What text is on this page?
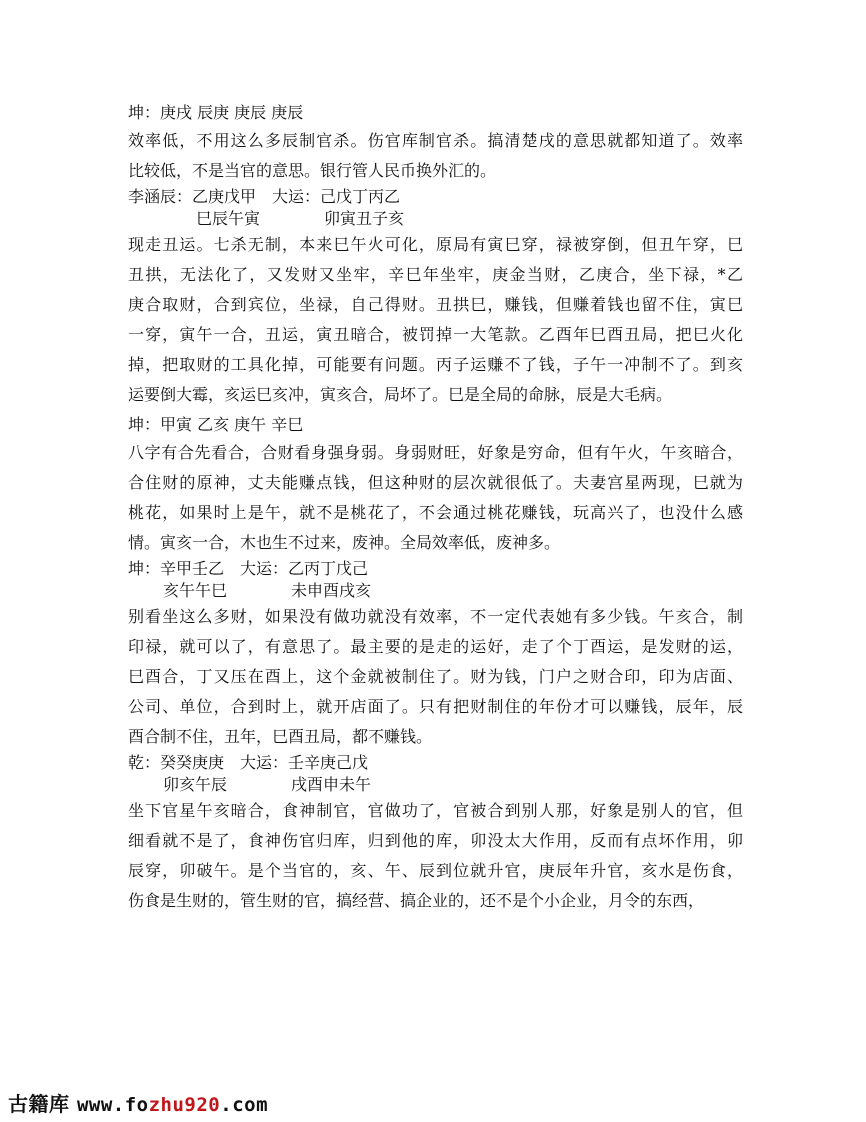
坤：庚戌 辰庚 庚辰 庚辰
效率低，不用这么多辰制官杀。伤官库制官杀。搞清楚戌的意思就都知道了。效率
比较低，不是当官的意思。银行管人民币换外汇的。
李涵辰：乙庚戊甲　大运：己戊丁丙乙
巳辰午寅　　　　卯寅丑子亥
现走丑运。七杀无制，本来巳午火可化，原局有寅巳穿，禄被穿倒，但丑午穿，巳
丑拱，无法化了，又发财又坐牢，辛巳年坐牢，庚金当财，乙庚合，坐下禄，*乙
庚合取财，合到宾位，坐禄，自己得财。丑拱巳，赚钱，但赚着钱也留不住，寅巳
一穿，寅午一合，丑运，寅丑暗合，被罚掉一大笔款。乙酉年巳酉丑局，把巳火化
掉，把取财的工具化掉，可能要有问题。丙子运赚不了钱，子午一冲制不了。到亥
运要倒大霉，亥运巳亥冲，寅亥合，局坏了。巳是全局的命脉，辰是大毛病。
坤：甲寅 乙亥 庚午 辛巳
八字有合先看合，合财看身强身弱。身弱财旺，好象是穷命，但有午火，午亥暗合，
合住财的原神，丈夫能赚点钱，但这种财的层次就很低了。夫妻宫星两现，巳就为
桃花，如果时上是午，就不是桃花了，不会通过桃花赚钱，玩高兴了，也没什么感
情。寅亥一合，木也生不过来，废神。全局效率低，废神多。
坤：辛甲壬乙　大运：乙丙丁戊己
亥午午巳　　　　未申酉戌亥
别看坐这么多财，如果没有做功就没有效率，不一定代表她有多少钱。午亥合，制
印禄，就可以了，有意思了。最主要的是走的运好，走了个丁酉运，是发财的运，
巳酉合，丁又压在酉上，这个金就被制住了。财为钱，门户之财合印，印为店面、
公司、单位，合到时上，就开店面了。只有把财制住的年份才可以赚钱，辰年，辰
酉合制不住，丑年，巳酉丑局，都不赚钱。
乾：癸癸庚庚　大运：壬辛庚己戊
卯亥午辰　　　　戌酉申未午
坐下官星午亥暗合，食神制官，官做功了，官被合到别人那，好象是别人的官，但
细看就不是了，食神伤官归库，归到他的库，卯没太大作用，反而有点坏作用，卯
辰穿，卯破午。是个当官的，亥、午、辰到位就升官，庚辰年升官，亥水是伤食，
伤食是生财的，管生财的官，搞经营、搞企业的，还不是个小企业，月令的东西，
古籍库 www.fozhu920.com
